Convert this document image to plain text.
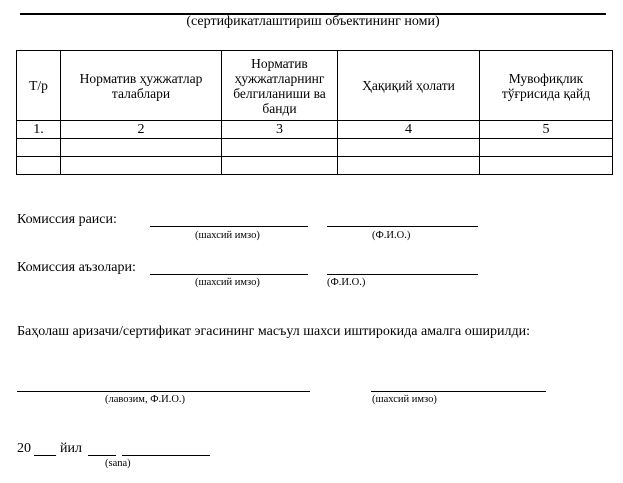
(сертификатлаштириш объектининг номи)
Т/р	Норматив ҳужжатлар талаблари	Норматив ҳужжатларнинг белгиланиши ва банди	Ҳақиқий ҳолати	Мувофиқлик тўғрисида қайд
1.	2	3	4	5

Комиссия раиси:
(шахсий имзо)	(Ф.И.О.)
Комиссия аъзолари:
(шахсий имзо)	(Ф.И.О.)
Баҳолаш аризачи/сертификат эгасининг масъул шахси иштирокида амалга оширилди:
(лавозим, Ф.И.О.)	(шахсий имзо)
20 йил
(sana)
